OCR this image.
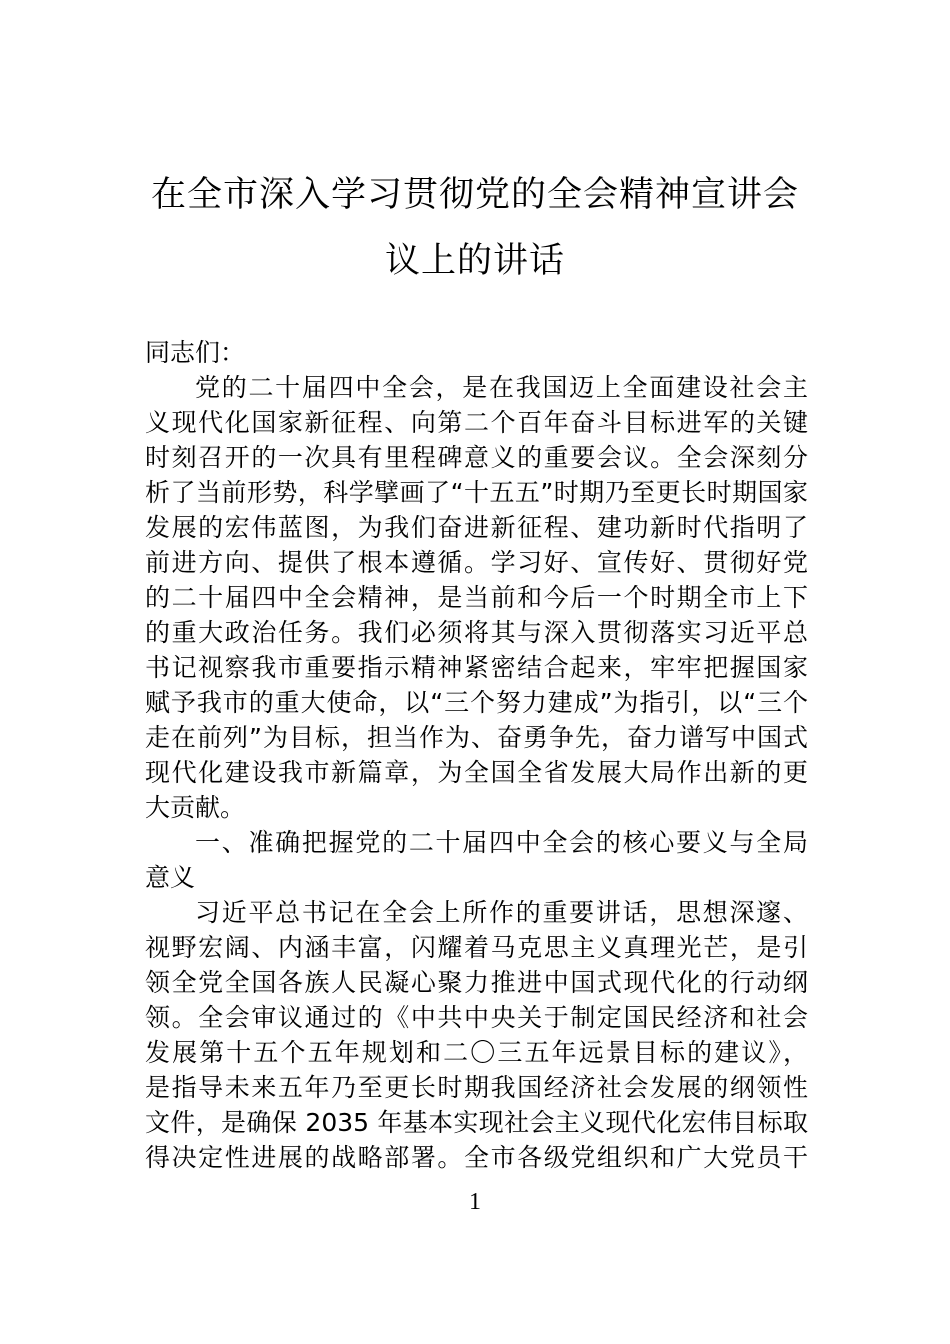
在全市深入学习贯彻党的全会精神宣讲会
议上的讲话
同志们：
党的二十届四中全会，是在我国迈上全面建设社会主
义现代化国家新征程、向第二个百年奋斗目标进军的关键
时刻召开的一次具有里程碑意义的重要会议。全会深刻分
析了当前形势，科学擘画了“十五五”时期乃至更长时期国家
发展的宏伟蓝图，为我们奋进新征程、建功新时代指明了
前进方向、提供了根本遵循。学习好、宣传好、贯彻好党
的二十届四中全会精神，是当前和今后一个时期全市上下
的重大政治任务。我们必须将其与深入贯彻落实习近平总
书记视察我市重要指示精神紧密结合起来，牢牢把握国家
赋予我市的重大使命，以“三个努力建成”为指引，以“三个
走在前列”为目标，担当作为、奋勇争先，奋力谱写中国式
现代化建设我市新篇章，为全国全省发展大局作出新的更
大贡献。
一、准确把握党的二十届四中全会的核心要义与全局
意义
习近平总书记在全会上所作的重要讲话，思想深邃、
视野宏阔、内涵丰富，闪耀着马克思主义真理光芒，是引
领全党全国各族人民凝心聚力推进中国式现代化的行动纲
领。全会审议通过的《中共中央关于制定国民经济和社会
发展第十五个五年规划和二〇三五年远景目标的建议》，
是指导未来五年乃至更长时期我国经济社会发展的纲领性
文件，是确保 2035 年基本实现社会主义现代化宏伟目标取
得决定性进展的战略部署。全市各级党组织和广大党员干
1
